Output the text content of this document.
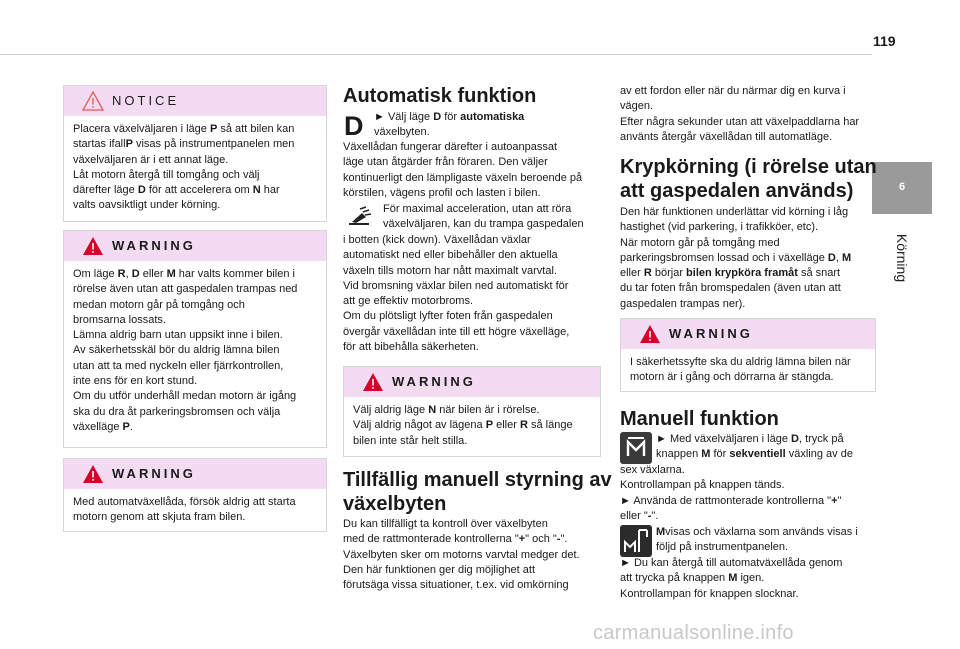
119
6
Körning
NOTICE
Placera växelväljaren i läge P så att bilen kan
startas ifallP visas på instrumentpanelen men
växelväljaren är i ett annat läge.
Låt motorn återgå till tomgång och välj
därefter läge D för att accelerera om N har
valts oavsiktligt under körning.
WARNING
Om läge R, D eller M har valts kommer bilen i
rörelse även utan att gaspedalen trampas ned
medan motorn går på tomgång och
bromsarna lossats.
Lämna aldrig barn utan uppsikt inne i bilen.
Av säkerhetsskäl bör du aldrig lämna bilen
utan att ta med nyckeln eller fjärrkontrollen,
inte ens för en kort stund.
Om du utför underhåll medan motorn är igång
ska du dra åt parkeringsbromsen och välja
växelläge P.
WARNING
Med automatväxellåda, försök aldrig att starta
motorn genom att skjuta fram bilen.
Automatisk funktion
D ► Välj läge D för automatiska
växelbyten.
Växellådan fungerar därefter i autoanpassat
läge utan åtgärder från föraren. Den väljer
kontinuerligt den lämpligaste växeln beroende på
körstilen, vägens profil och lasten i bilen.
För maximal acceleration, utan att röra
växelväljaren, kan du trampa gaspedalen
i botten (kick down). Växellådan växlar
automatiskt ned eller bibehåller den aktuella
växeln tills motorn har nått maximalt varvtal.
Vid bromsning växlar bilen ned automatiskt för
att ge effektiv motorbroms.
Om du plötsligt lyfter foten från gaspedalen
övergår växellådan inte till ett högre växelläge,
för att bibehålla säkerheten.
WARNING
Välj aldrig läge N när bilen är i rörelse.
Välj aldrig något av lägena P eller R så länge
bilen inte står helt stilla.
Tillfällig manuell styrning av
växelbyten
Du kan tillfälligt ta kontroll över växelbyten
med de rattmonterade kontrollerna "+" och "-".
Växelbyten sker om motorns varvtal medger det.
Den här funktionen ger dig möjlighet att
förutsäga vissa situationer, t.ex. vid omkörning
av ett fordon eller när du närmar dig en kurva i
vägen.
Efter några sekunder utan att växelpaddlarna har
använts återgår växellådan till automatläge.
Krypkörning (i rörelse utan
att gaspedalen används)
Den här funktionen underlättar vid körning i låg
hastighet (vid parkering, i trafikköer, etc).
När motorn går på tomgång med
parkeringsbromsen lossad och i växelläge D, M
eller R börjar bilen krypköra framåt så snart
du tar foten från bromspedalen (även utan att
gaspedalen trampas ner).
WARNING
I säkerhetssyfte ska du aldrig lämna bilen när
motorn är i gång och dörrarna är stängda.
Manuell funktion
► Med växelväljaren i läge D, tryck på
knappen M för sekventiell växling av de
sex växlarna.
Kontrollampan på knappen tänds.
► Använda de rattmonterade kontrollerna "+"
eller "-".
Mvisas och växlarna som används visas i
följd på instrumentpanelen.
► Du kan återgå till automatväxellåda genom
att trycka på knappen M igen.
Kontrollampan för knappen slocknar.
carmanualsonline.info
